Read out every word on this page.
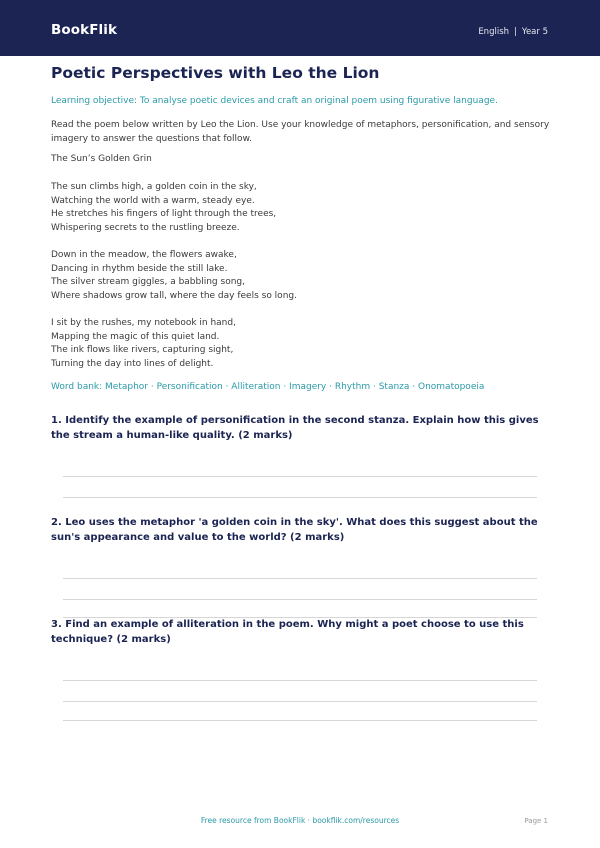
BookFlik	English | Year 5
Poetic Perspectives with Leo the Lion
Learning objective: To analyse poetic devices and craft an original poem using figurative language.
Read the poem below written by Leo the Lion. Use your knowledge of metaphors, personification, and sensory imagery to answer the questions that follow.
The Sun’s Golden Grin
The sun climbs high, a golden coin in the sky,
Watching the world with a warm, steady eye.
He stretches his fingers of light through the trees,
Whispering secrets to the rustling breeze.
Down in the meadow, the flowers awake,
Dancing in rhythm beside the still lake.
The silver stream giggles, a babbling song,
Where shadows grow tall, where the day feels so long.
I sit by the rushes, my notebook in hand,
Mapping the magic of this quiet land.
The ink flows like rivers, capturing sight,
Turning the day into lines of delight.
Word bank: Metaphor · Personification · Alliteration · Imagery · Rhythm · Stanza · Onomatopoeia
1. Identify the example of personification in the second stanza. Explain how this gives the stream a human-like quality. (2 marks)
2. Leo uses the metaphor 'a golden coin in the sky'. What does this suggest about the sun's appearance and value to the world? (2 marks)
3. Find an example of alliteration in the poem. Why might a poet choose to use this technique? (2 marks)
Free resource from BookFlik · bookflik.com/resources	Page 1
